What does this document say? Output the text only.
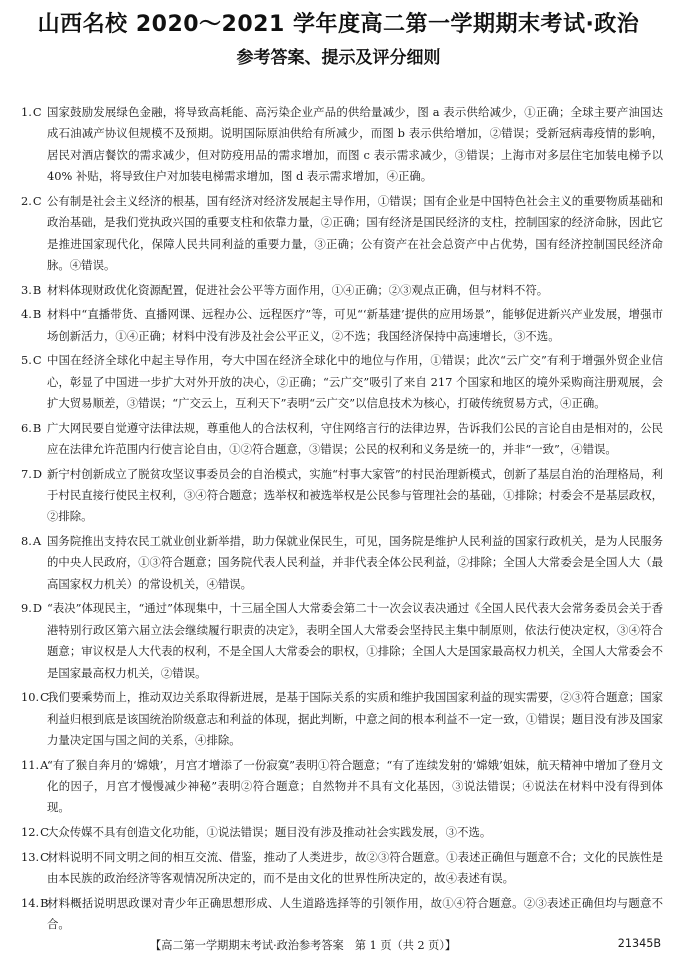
山西名校 2020～2021 学年度高二第一学期期末考试·政治
参考答案、提示及评分细则
1.C 国家鼓励发展绿色金融，将导致高耗能、高污染企业产品的供给量减少，图 a 表示供给减少，①正确；全球主要产油国达成石油减产协议但规模不及预期。说明国际原油供给有所减少，而图 b 表示供给增加，②错误；受新冠病毒疫情的影响，居民对酒店餐饮的需求减少，但对防疫用品的需求增加，而图 c 表示需求减少，③错误；上海市对多层住宅加装电梯予以 40% 补贴，将导致住户对加装电梯需求增加，图 d 表示需求增加，④正确。
2.C 公有制是社会主义经济的根基，国有经济对经济发展起主导作用，①错误；国有企业是中国特色社会主义的重要物质基础和政治基础，是我们党执政兴国的重要支柱和依靠力量，②正确；国有经济是国民经济的支柱，控制国家的经济命脉，因此它是推进国家现代化，保障人民共同利益的重要力量，③正确；公有资产在社会总资产中占优势，国有经济控制国民经济命脉。④错误。
3.B 材料体现财政优化资源配置，促进社会公平等方面作用，①④正确；②③观点正确，但与材料不符。
4.B 材料中“直播带货、直播网课、远程办公、远程医疗”等，可见“‘新基建’提供的应用场景”，能够促进新兴产业发展，增强市场创新活力，①④正确；材料中没有涉及社会公平正义，②不选；我国经济保持中高速增长，③不选。
5.C 中国在经济全球化中起主导作用，夸大中国在经济全球化中的地位与作用，①错误；此次“云广交”有利于增强外贸企业信心，彰显了中国进一步扩大对外开放的决心，②正确；“云广交”吸引了来自 217 个国家和地区的境外采购商注册观展，会扩大贸易顺差，③错误；“广交云上，互利天下”表明“云广交”以信息技术为核心，打破传统贸易方式，④正确。
6.B 广大网民要自觉遵守法律法规，尊重他人的合法权利，守住网络言行的法律边界，告诉我们公民的言论自由是相对的，公民应在法律允许范围内行使言论自由，①②符合题意，③错误；公民的权利和义务是统一的，并非“一致”，④错误。
7.D 新宁村创新成立了脱贫攻坚议事委员会的自治模式，实施“村事大家管”的村民治理新模式，创新了基层自治的治理格局，利于村民直接行使民主权利，③④符合题意；选举权和被选举权是公民参与管理社会的基础，①排除；村委会不是基层政权，②排除。
8.A 国务院推出支持农民工就业创业新举措，助力保就业保民生，可见，国务院是维护人民利益的国家行政机关，是为人民服务的中央人民政府，①③符合题意；国务院代表人民利益，并非代表全体公民利益，②排除；全国人大常委会是全国人大（最高国家权力机关）的常设机关，④错误。
9.D “表决”体现民主，“通过”体现集中，十三届全国人大常委会第二十一次会议表决通过《全国人民代表大会常务委员会关于香港特别行政区第六届立法会继续履行职责的决定》，表明全国人大常委会坚持民主集中制原则，依法行使决定权，③④符合题意；审议权是人大代表的权利，不是全国人大常委会的职权，①排除；全国人大是国家最高权力机关，全国人大常委会不是国家最高权力机关，②错误。
10.C
我们要乘势而上，推动双边关系取得新进展，是基于国际关系的实质和维护我国国家利益的现实需要，②③符合题意；国家利益归根到底是该国统治阶级意志和利益的体现，据此判断，中意之间的根本利益不一定一致，①错误；题目没有涉及国家力量决定国与国之间的关系，④排除。
11.A
“有了猴自奔月的‘嫦娥’，月宫才增添了一份寂寞”表明①符合题意；“有了连续发射的‘嫦娥’姐妹，航天精神中增加了登月文化的因子，月宫才慢慢减少神秘”表明②符合题意；自然物并不具有文化基因，③说法错误；④说法在材料中没有得到体现。
12.C
大众传媒不具有创造文化功能，①说法错误；题目没有涉及推动社会实践发展，③不选。
13.C
材料说明不同文明之间的相互交流、借鉴，推动了人类进步，故②③符合题意。①表述正确但与题意不合；文化的民族性是由本民族的政治经济等客观情况所决定的，而不是由文化的世界性所决定的，故④表述有误。
14.B
材料概括说明思政课对青少年正确思想形成、人生道路选择等的引领作用，故①④符合题意。②③表述正确但均与题意不合。
【高二第一学期期末考试·政治参考答案　第 1 页（共 2 页）】	21345B
